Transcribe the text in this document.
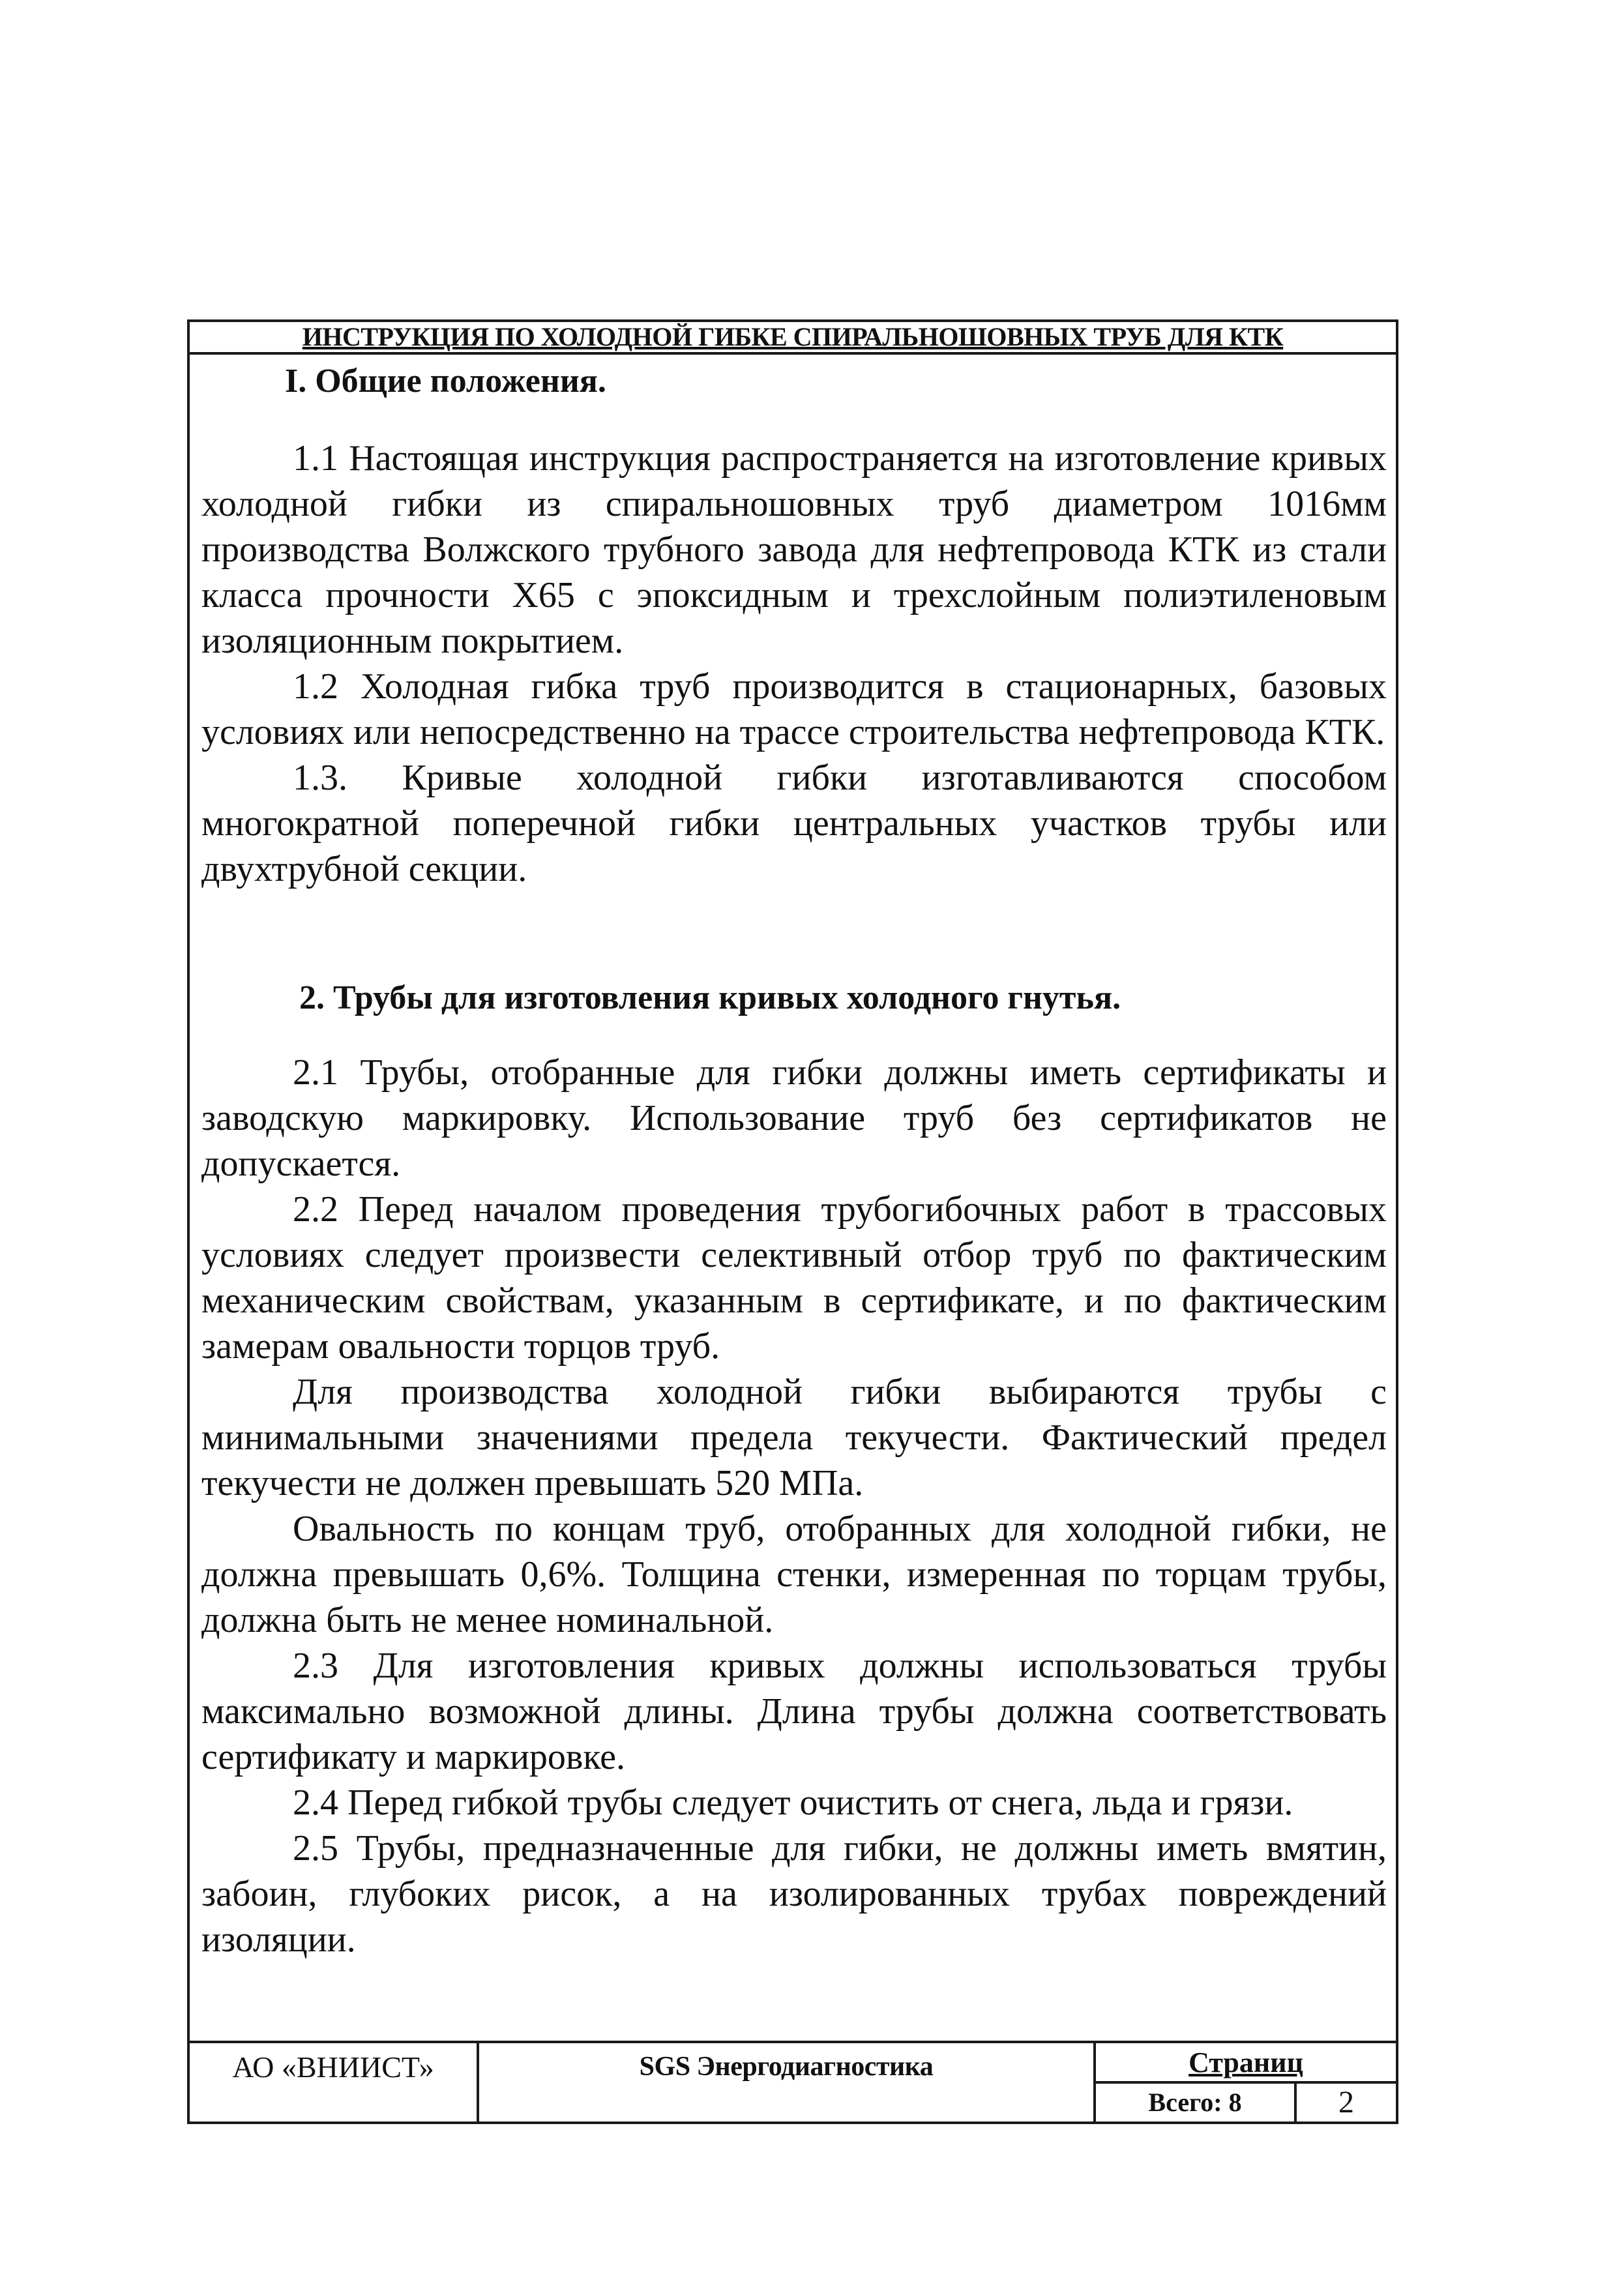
ИНСТРУКЦИЯ ПО ХОЛОДНОЙ ГИБКЕ СПИРАЛЬНОШОВНЫХ ТРУБ ДЛЯ КТК

I. Общие положения.

1.1 Настоящая инструкция распространяется на изготовление кривых холодной гибки из спиральношовных труб диаметром 1016мм производства Волжского трубного завода для нефтепровода КТК из стали класса прочности Х65 с эпоксидным и трехслойным полиэтиленовым изоляционным покрытием.

1.2 Холодная гибка труб производится в стационарных, базовых условиях или непосредственно на трассе строительства нефтепровода КТК.

1.3. Кривые холодной гибки изготавливаются способом многократной поперечной гибки центральных участков трубы или двухтрубной секции.

2. Трубы для изготовления кривых холодного гнутья.

2.1 Трубы, отобранные для гибки должны иметь сертификаты и заводскую маркировку. Использование труб без сертификатов не допускается.

2.2 Перед началом проведения трубогибочных работ в трассовых условиях следует произвести селективный отбор труб по фактическим механическим свойствам, указанным в сертификате, и по фактическим замерам овальности торцов труб.

Для производства холодной гибки выбираются трубы с минимальными значениями предела текучести. Фактический предел текучести не должен превышать 520 МПа.

Овальность по концам труб, отобранных для холодной гибки, не должна превышать 0,6%. Толщина стенки, измеренная по торцам трубы, должна быть не менее номинальной.

2.3 Для изготовления кривых должны использоваться трубы максимально возможной длины. Длина трубы должна соответствовать сертификату и маркировке.

2.4 Перед гибкой трубы следует очистить от снега, льда и грязи.

2.5 Трубы, предназначенные для гибки, не должны иметь вмятин, забоин, глубоких рисок, а на изолированных трубах повреждений изоляции.

АО «ВНИИСТ»	SGS Энергодиагностика	Страниц
Всего: 8	2
